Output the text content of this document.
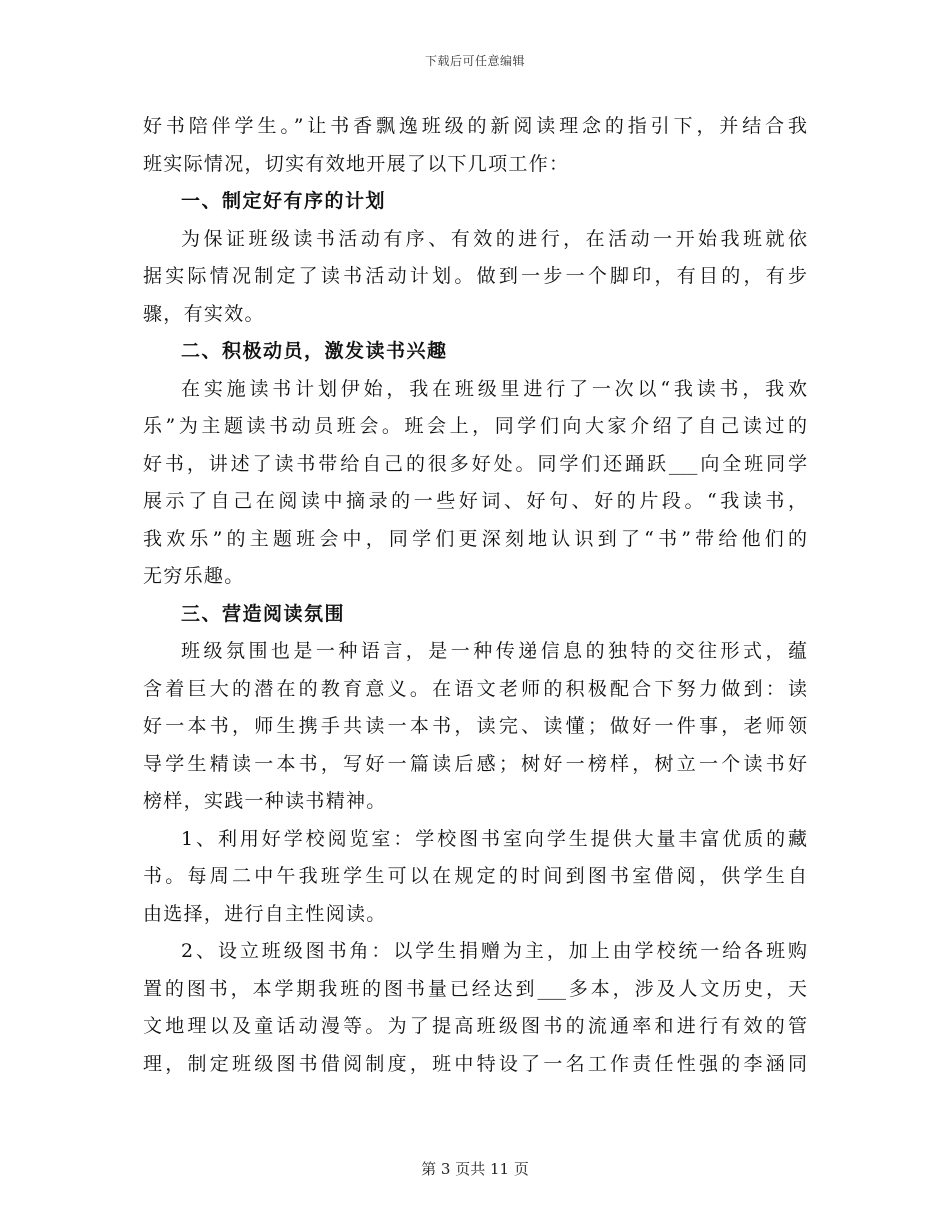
下载后可任意编辑
好书陪伴学生。”让书香飘逸班级的新阅读理念的指引下，并结合我
班实际情况，切实有效地开展了以下几项工作：
一、制定好有序的计划
为保证班级读书活动有序、有效的进行，在活动一开始我班就依
据实际情况制定了读书活动计划。做到一步一个脚印，有目的，有步
骤，有实效。
二、积极动员，激发读书兴趣
在实施读书计划伊始，我在班级里进行了一次以“我读书，我欢
乐”为主题读书动员班会。班会上，同学们向大家介绍了自己读过的
好书，讲述了读书带给自己的很多好处。同学们还踊跃___向全班同学
展示了自己在阅读中摘录的一些好词、好句、好的片段。“我读书，
我欢乐”的主题班会中，同学们更深刻地认识到了“书”带给他们的
无穷乐趣。
三、营造阅读氛围
班级氛围也是一种语言，是一种传递信息的独特的交往形式，蕴
含着巨大的潜在的教育意义。在语文老师的积极配合下努力做到：读
好一本书，师生携手共读一本书，读完、读懂；做好一件事，老师领
导学生精读一本书，写好一篇读后感；树好一榜样，树立一个读书好
榜样，实践一种读书精神。
1、利用好学校阅览室：学校图书室向学生提供大量丰富优质的藏
书。每周二中午我班学生可以在规定的时间到图书室借阅，供学生自
由选择，进行自主性阅读。
2、设立班级图书角：以学生捐赠为主，加上由学校统一给各班购
置的图书，本学期我班的图书量已经达到___多本，涉及人文历史，天
文地理以及童话动漫等。为了提高班级图书的流通率和进行有效的管
理，制定班级图书借阅制度，班中特设了一名工作责任性强的李涵同
第 3 页共 11 页
